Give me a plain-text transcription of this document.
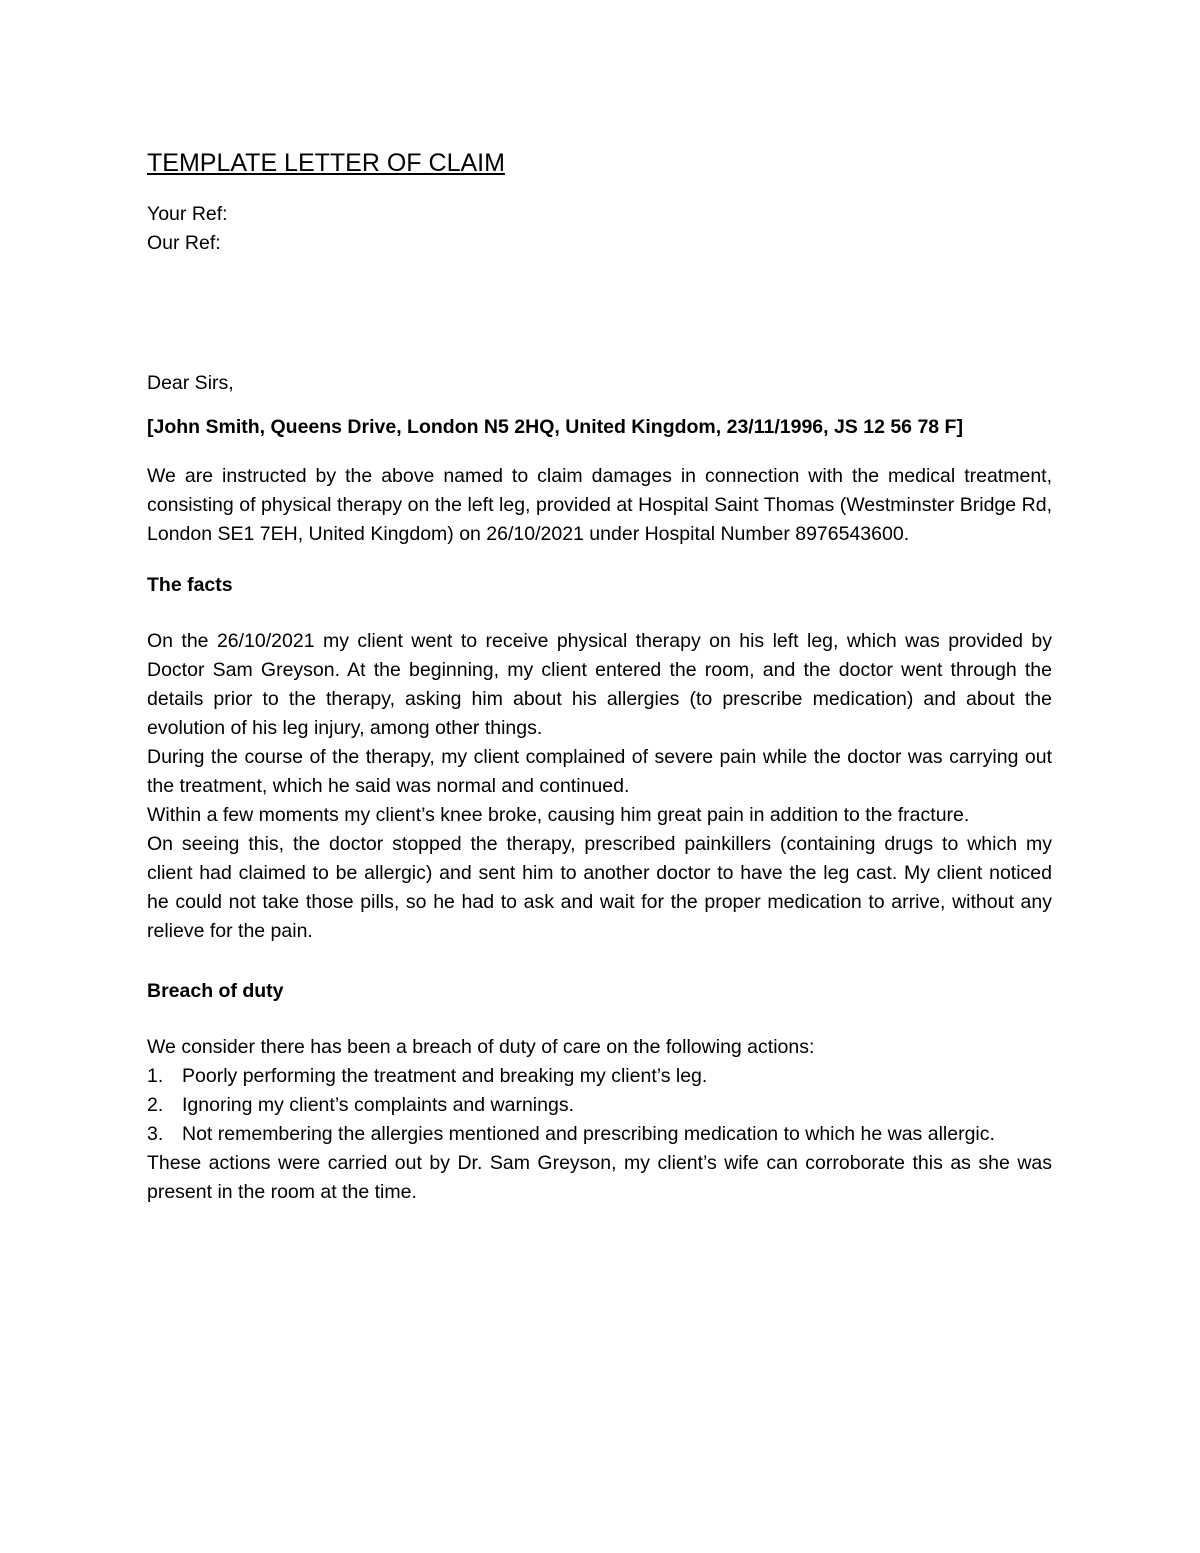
TEMPLATE LETTER OF CLAIM

Your Ref:

Our Ref:

Dear Sirs,

[John Smith, Queens Drive, London N5 2HQ, United Kingdom, 23/11/1996, JS 12 56 78 F]

We are instructed by the above named to claim damages in connection with the medical treatment, consisting of physical therapy on the left leg, provided at Hospital Saint Thomas (Westminster Bridge Rd, London SE1 7EH, United Kingdom) on 26/10/2021 under Hospital Number 8976543600.

The facts

On the 26/10/2021 my client went to receive physical therapy on his left leg, which was provided by Doctor Sam Greyson. At the beginning, my client entered the room, and the doctor went through the details prior to the therapy, asking him about his allergies (to prescribe medication) and about the evolution of his leg injury, among other things.

During the course of the therapy, my client complained of severe pain while the doctor was carrying out the treatment, which he said was normal and continued.

Within a few moments my client’s knee broke, causing him great pain in addition to the fracture.

On seeing this, the doctor stopped the therapy, prescribed painkillers (containing drugs to which my client had claimed to be allergic) and sent him to another doctor to have the leg cast. My client noticed he could not take those pills, so he had to ask and wait for the proper medication to arrive, without any relieve for the pain.

Breach of duty

We consider there has been a breach of duty of care on the following actions:

1. Poorly performing the treatment and breaking my client’s leg.
2. Ignoring my client’s complaints and warnings.
3. Not remembering the allergies mentioned and prescribing medication to which he was allergic.

These actions were carried out by Dr. Sam Greyson, my client’s wife can corroborate this as she was present in the room at the time.
